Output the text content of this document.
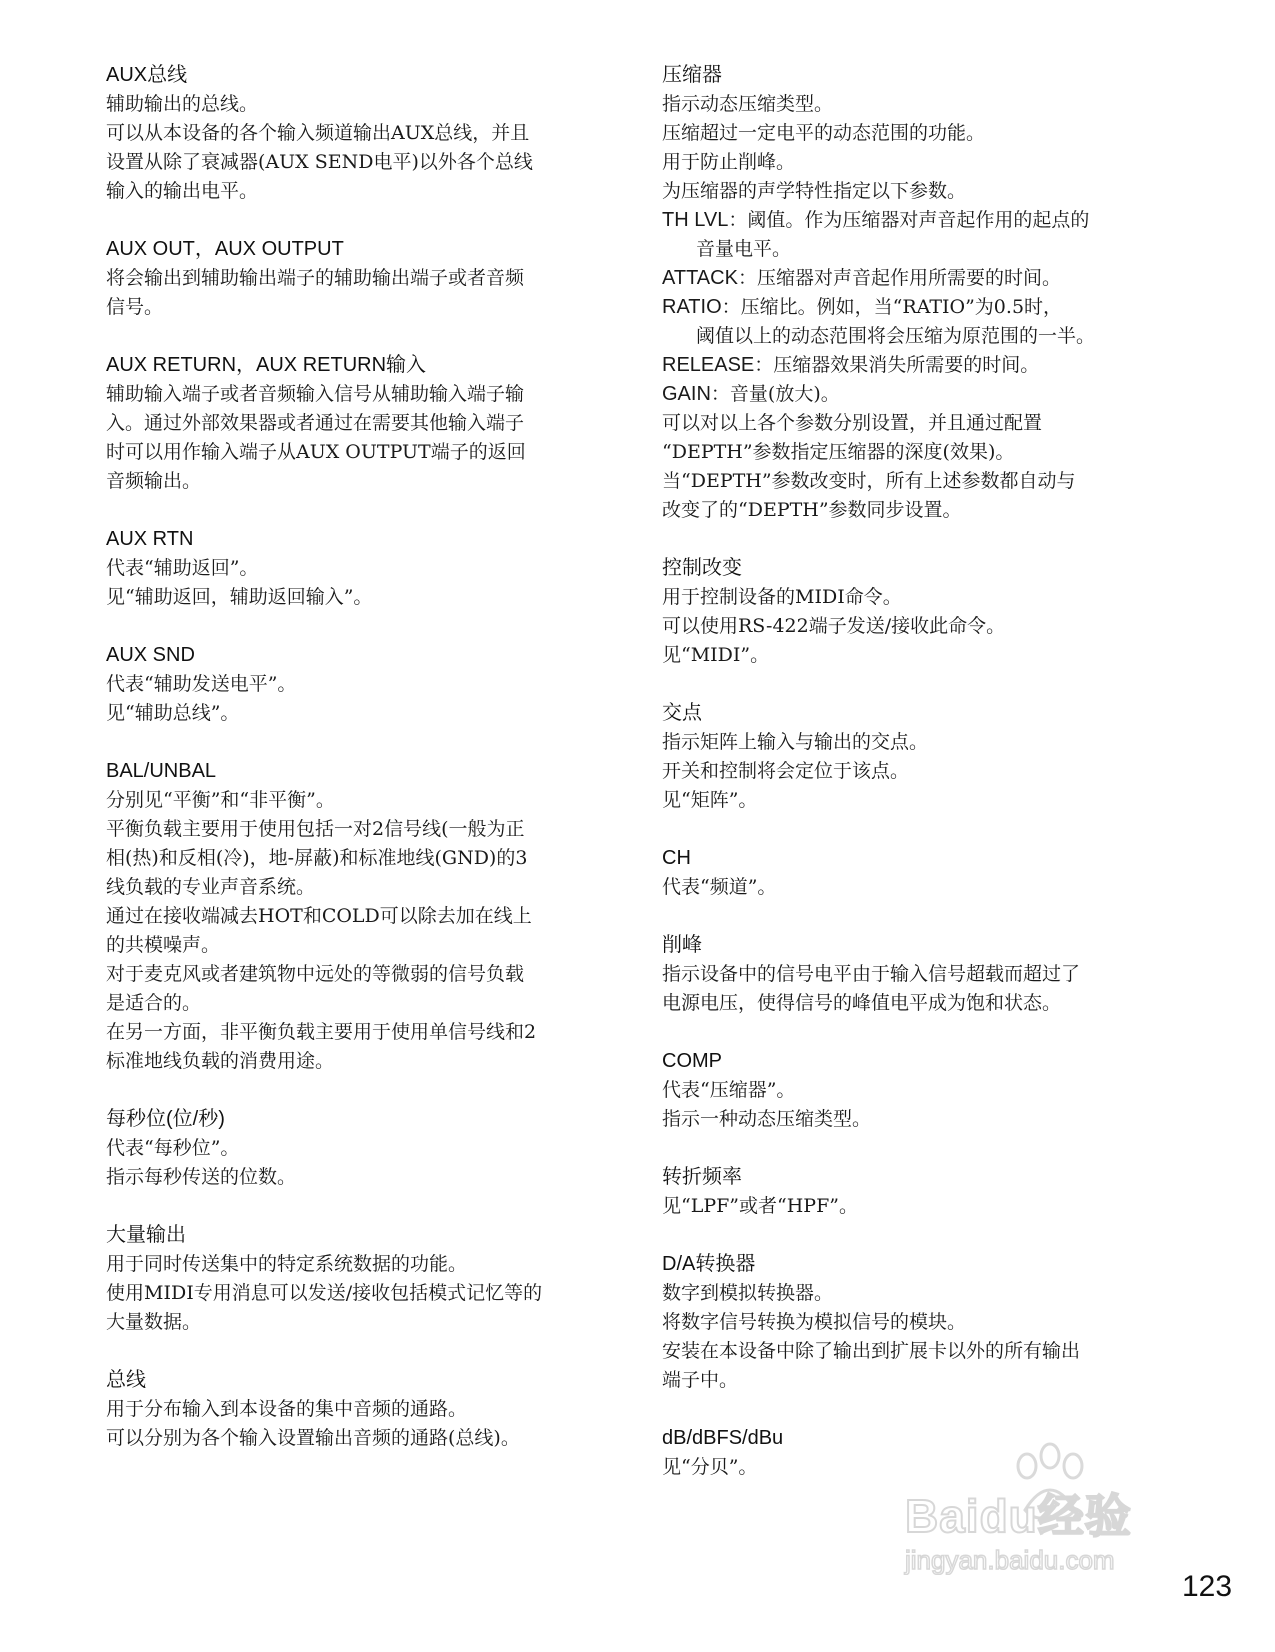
AUX总线
辅助输出的总线。
可以从本设备的各个输入频道输出AUX总线，并且
设置从除了衰减器(AUX SEND电平)以外各个总线
输入的输出电平。
AUX OUT，AUX OUTPUT
将会输出到辅助输出端子的辅助输出端子或者音频
信号。
AUX RETURN，AUX RETURN输入
辅助输入端子或者音频输入信号从辅助输入端子输
入。通过外部效果器或者通过在需要其他输入端子
时可以用作输入端子从AUX OUTPUT端子的返回
音频输出。
AUX RTN
代表“辅助返回”。
见“辅助返回，辅助返回输入”。
AUX SND
代表“辅助发送电平”。
见“辅助总线”。
BAL/UNBAL
分别见“平衡”和“非平衡”。
平衡负载主要用于使用包括一对2信号线(一般为正
相(热)和反相(冷)，地-屏蔽)和标准地线(GND)的3
线负载的专业声音系统。
通过在接收端减去HOT和COLD可以除去加在线上
的共模噪声。
对于麦克风或者建筑物中远处的等微弱的信号负载
是适合的。
在另一方面，非平衡负载主要用于使用单信号线和2
标准地线负载的消费用途。
每秒位(位/秒)
代表“每秒位”。
指示每秒传送的位数。
大量输出
用于同时传送集中的特定系统数据的功能。
使用MIDI专用消息可以发送/接收包括模式记忆等的
大量数据。
总线
用于分布输入到本设备的集中音频的通路。
可以分别为各个输入设置输出音频的通路(总线)。
压缩器
指示动态压缩类型。
压缩超过一定电平的动态范围的功能。
用于防止削峰。
为压缩器的声学特性指定以下参数。
TH LVL：阈值。作为压缩器对声音起作用的起点的
音量电平。
ATTACK：压缩器对声音起作用所需要的时间。
RATIO：压缩比。例如，当“RATIO”为0.5时，
阈值以上的动态范围将会压缩为原范围的一半。
RELEASE：压缩器效果消失所需要的时间。
GAIN：音量(放大)。
可以对以上各个参数分别设置，并且通过配置
“DEPTH”参数指定压缩器的深度(效果)。
当“DEPTH”参数改变时，所有上述参数都自动与
改变了的“DEPTH”参数同步设置。
控制改变
用于控制设备的MIDI命令。
可以使用RS-422端子发送/接收此命令。
见“MIDI”。
交点
指示矩阵上输入与输出的交点。
开关和控制将会定位于该点。
见“矩阵”。
CH
代表“频道”。
削峰
指示设备中的信号电平由于输入信号超载而超过了
电源电压，使得信号的峰值电平成为饱和状态。
COMP
代表“压缩器”。
指示一种动态压缩类型。
转折频率
见“LPF”或者“HPF”。
D/A转换器
数字到模拟转换器。
将数字信号转换为模拟信号的模块。
安装在本设备中除了输出到扩展卡以外的所有输出
端子中。
dB/dBFS/dBu
见“分贝”。
Baidu经验
jingyan.baidu.com
123
